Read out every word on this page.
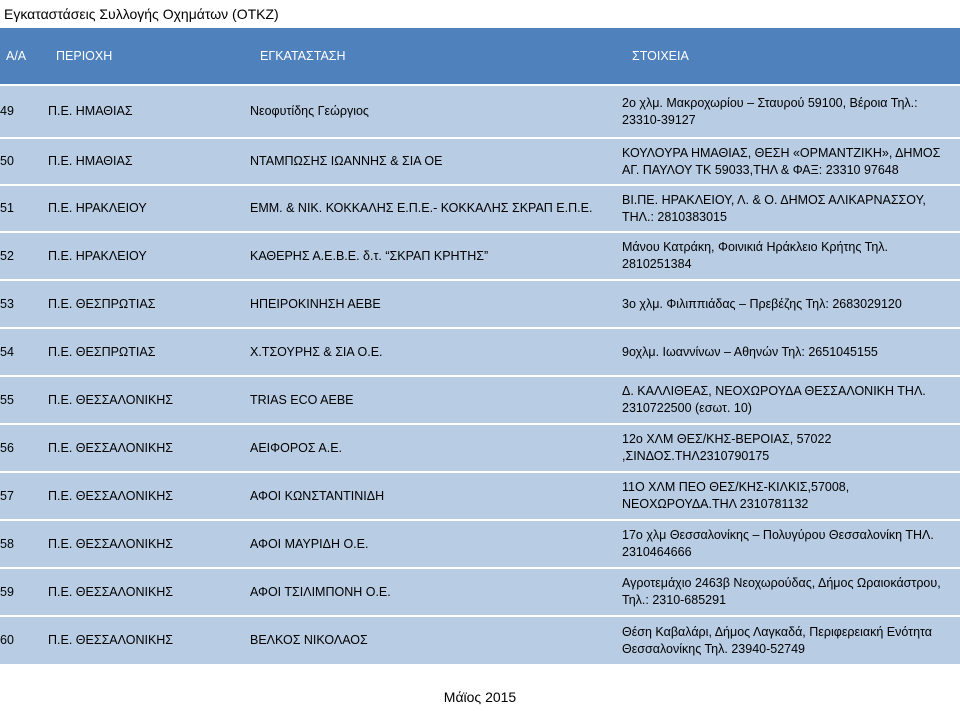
Εγκαταστάσεις Συλλογής Οχημάτων (ΟΤΚΖ)
Α/Α	ΠΕΡΙΟΧΗ	ΕΓΚΑΤΑΣΤΑΣΗ	ΣΤΟΙΧΕΙΑ
49	Π.Ε. ΗΜΑΘΙΑΣ	Νεοφυτίδης Γεώργιος	2ο χλμ. Μακροχωρίου – Σταυρού 59100, Βέροια Τηλ.: 23310-39127
50	Π.Ε. ΗΜΑΘΙΑΣ	ΝΤΑΜΠΩΣΗΣ ΙΩΑΝΝΗΣ & ΣΙΑ ΟΕ	ΚΟΥΛΟΥΡΑ ΗΜΑΘΙΑΣ, ΘΕΣΗ «ΟΡΜΑΝΤΖΙΚΗ», ΔΗΜΟΣ ΑΓ. ΠΑΥΛΟΥ ΤΚ 59033,ΤΗΛ & ΦΑΞ: 23310 97648
51	Π.Ε. ΗΡΑΚΛΕΙΟΥ	ΕΜΜ. & ΝΙΚ. ΚΟΚΚΑΛΗΣ Ε.Π.Ε.- ΚΟΚΚΑΛΗΣ ΣΚΡΑΠ Ε.Π.Ε.	ΒΙ.ΠΕ. ΗΡΑΚΛΕΙΟΥ, Λ. & Ο. ΔΗΜΟΣ ΑΛΙΚΑΡΝΑΣΣΟΥ, ΤΗΛ.: 2810383015
52	Π.Ε. ΗΡΑΚΛΕΙΟΥ	ΚΑΘΕΡΗΣ Α.Ε.Β.Ε. δ.τ. “ΣΚΡΑΠ ΚΡΗΤΗΣ”	Μάνου Κατράκη, Φοινικιά Ηράκλειο Κρήτης Τηλ. 2810251384
53	Π.Ε. ΘΕΣΠΡΩΤΙΑΣ	ΗΠΕΙΡΟΚΙΝΗΣΗ ΑΕΒΕ	3ο χλμ. Φιλιππιάδας – Πρεβέζης Τηλ: 2683029120
54	Π.Ε. ΘΕΣΠΡΩΤΙΑΣ	Χ.ΤΣΟΥΡΗΣ & ΣΙΑ Ο.Ε.	9οχλμ. Ιωαννίνων – Αθηνών Τηλ: 2651045155
55	Π.Ε. ΘΕΣΣΑΛΟΝΙΚΗΣ	TRIAS ECO AEBE	Δ. ΚΑΛΛΙΘΕΑΣ, ΝΕΟΧΩΡΟΥΔΑ ΘΕΣΣΑΛΟΝΙΚΗ ΤΗΛ. 2310722500 (εσωτ. 10)
56	Π.Ε. ΘΕΣΣΑΛΟΝΙΚΗΣ	ΑΕΙΦΟΡΟΣ Α.Ε.	12ο ΧΛΜ ΘΕΣ/ΚΗΣ-ΒΕΡΟΙΑΣ, 57022 ,ΣΙΝΔΟΣ.ΤΗΛ2310790175
57	Π.Ε. ΘΕΣΣΑΛΟΝΙΚΗΣ	ΑΦΟΙ ΚΩΝΣΤΑΝΤΙΝΙΔΗ	11Ο ΧΛΜ ΠΕΟ ΘΕΣ/ΚΗΣ-ΚΙΛΚΙΣ,57008, ΝΕΟΧΩΡΟΥΔΑ.ΤΗΛ 2310781132
58	Π.Ε. ΘΕΣΣΑΛΟΝΙΚΗΣ	ΑΦΟΙ ΜΑΥΡΙΔΗ Ο.Ε.	17ο χλμ Θεσσαλονίκης – Πολυγύρου Θεσσαλονίκη ΤΗΛ. 2310464666
59	Π.Ε. ΘΕΣΣΑΛΟΝΙΚΗΣ	ΑΦΟΙ ΤΣΙΛΙΜΠΟΝΗ Ο.Ε.	Αγροτεμάχιο 2463β Νεοχωρούδας, Δήμος Ωραιοκάστρου, Τηλ.: 2310-685291
60	Π.Ε. ΘΕΣΣΑΛΟΝΙΚΗΣ	ΒΕΛΚΟΣ ΝΙΚΟΛΑΟΣ	Θέση Καβαλάρι, Δήμος Λαγκαδά, Περιφερειακή Ενότητα Θεσσαλονίκης Τηλ. 23940-52749
Μάϊος 2015
